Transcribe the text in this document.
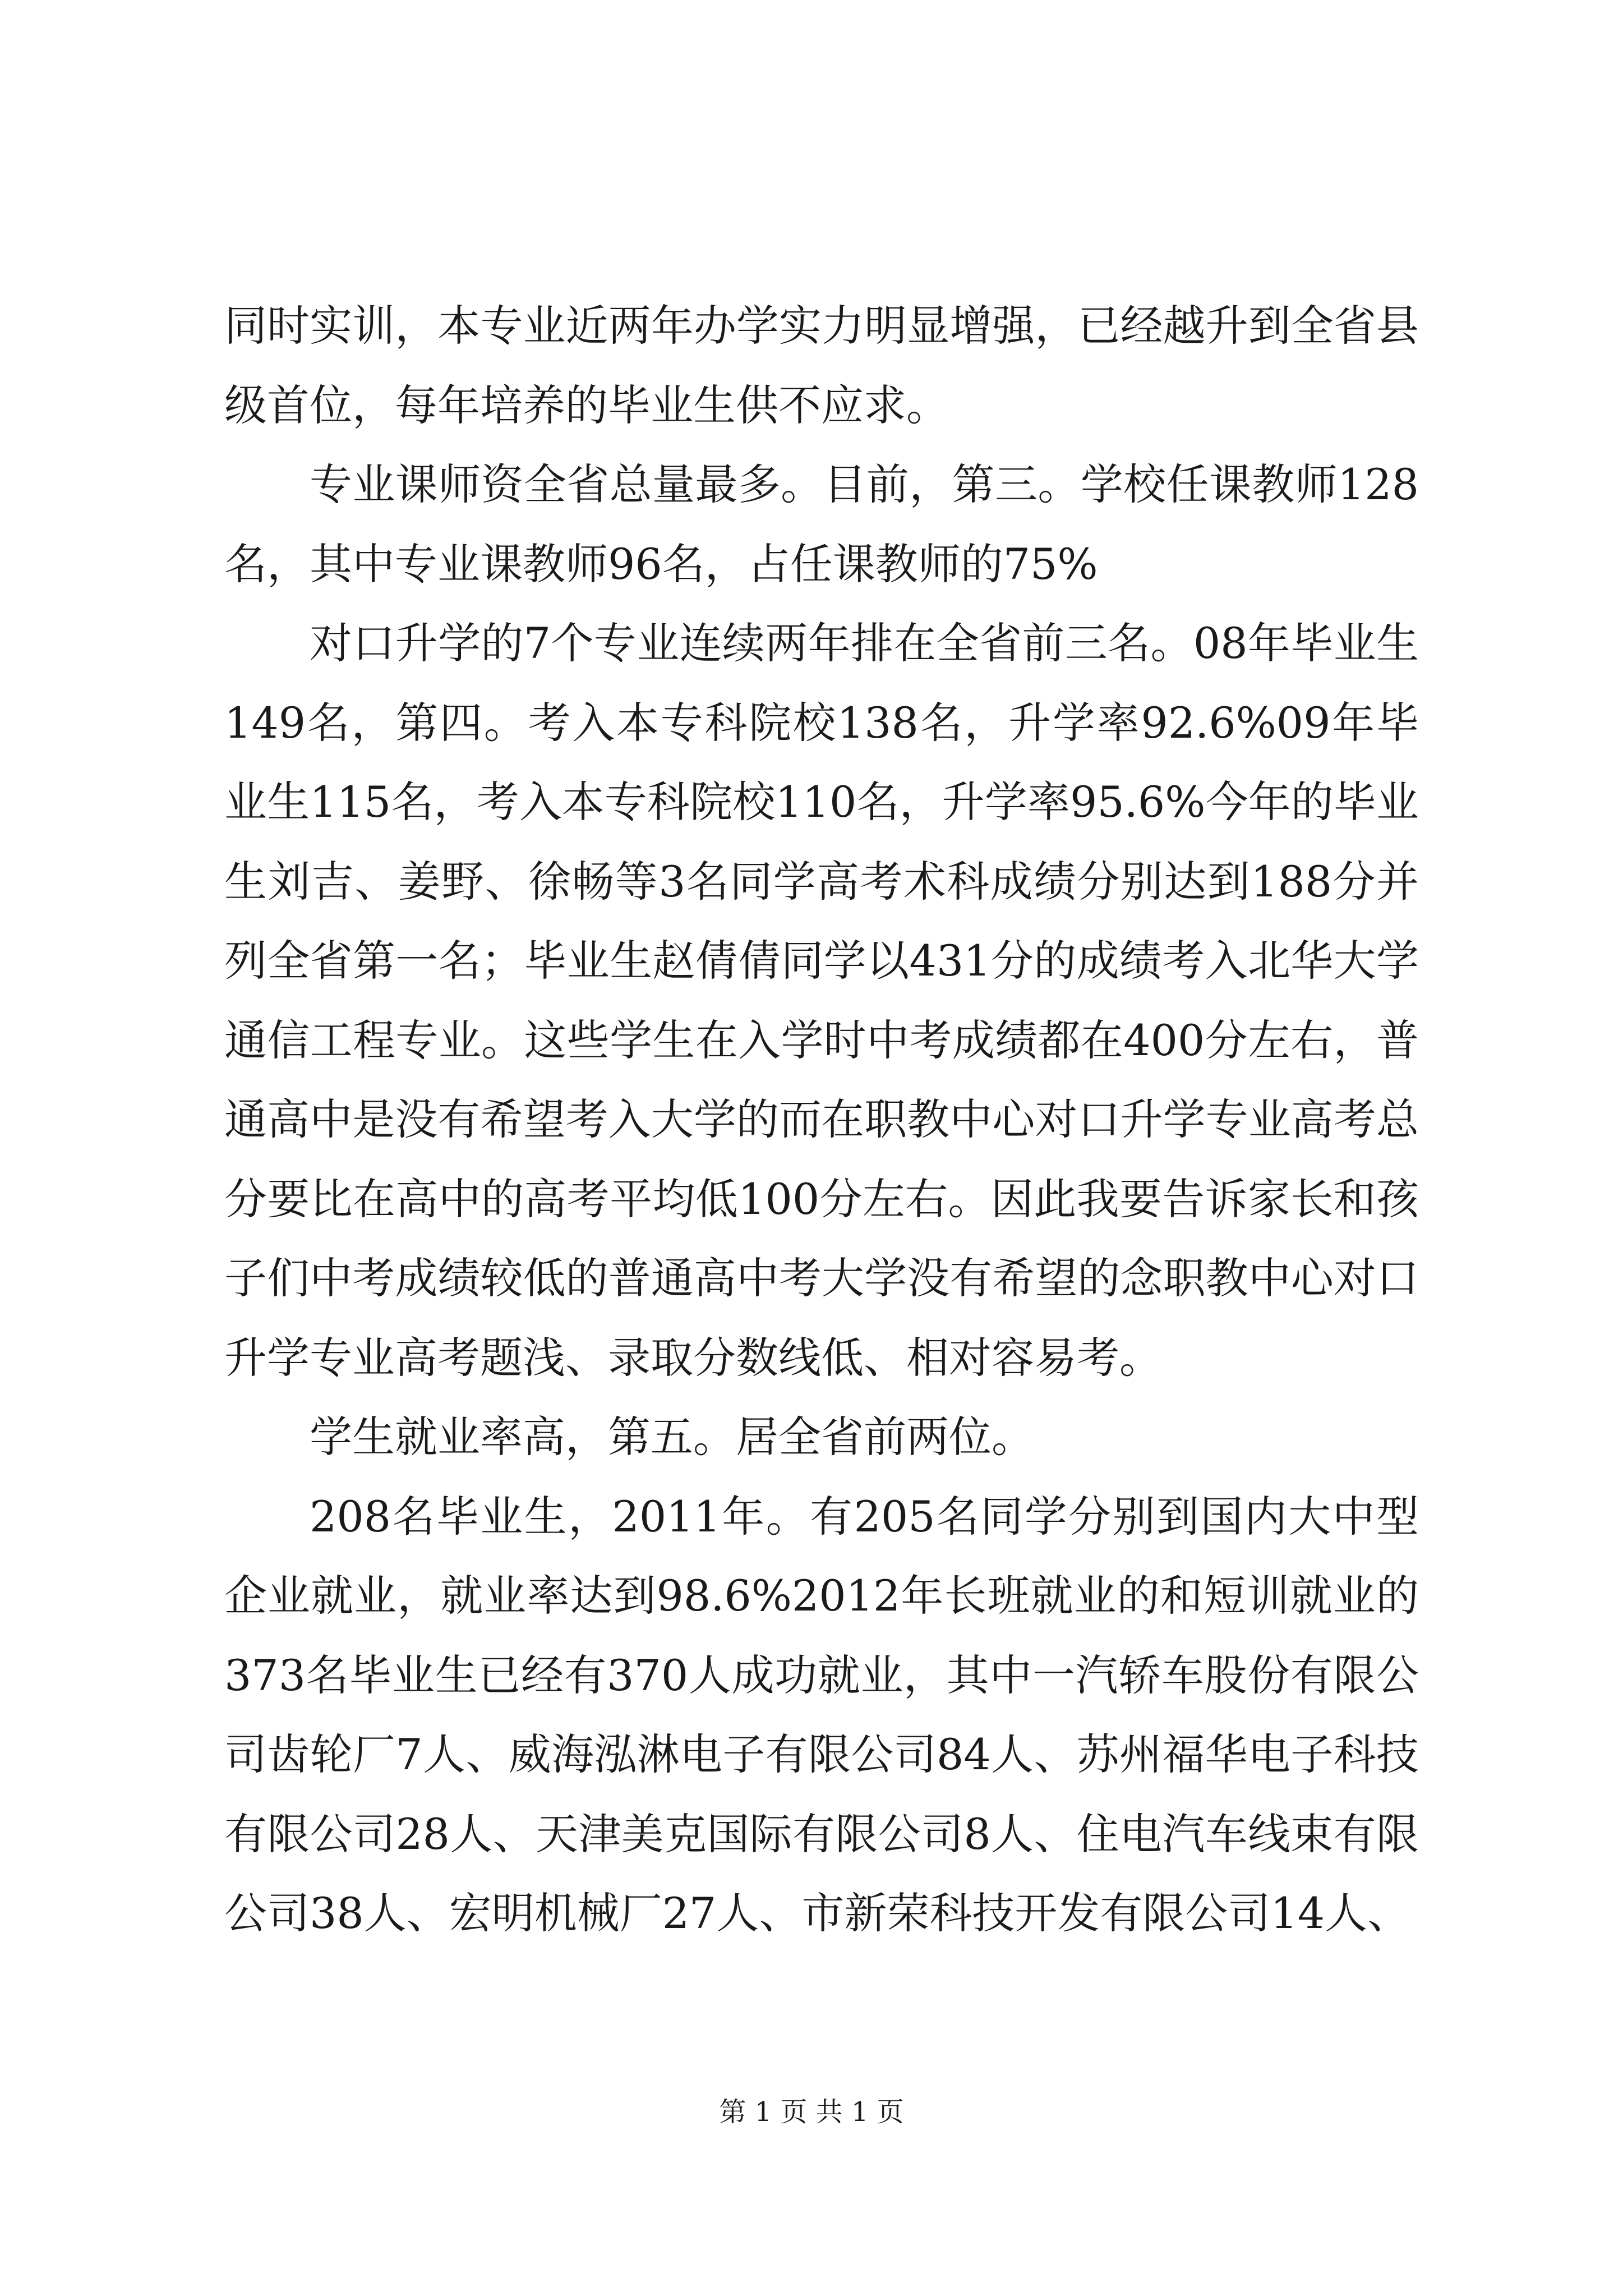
同时实训，本专业近两年办学实力明显增强，已经越升到全省县级首位，每年培养的毕业生供不应求。

专业课师资全省总量最多。目前，第三。学校任课教师128名，其中专业课教师96名，占任课教师的75%

对口升学的7个专业连续两年排在全省前三名。08年毕业生149名，第四。考入本专科院校138名，升学率92.6%09年毕业生115名，考入本专科院校110名，升学率95.6%今年的毕业生刘吉、姜野、徐畅等3名同学高考术科成绩分别达到188分并列全省第一名；毕业生赵倩倩同学以431分的成绩考入北华大学通信工程专业。这些学生在入学时中考成绩都在400分左右，普通高中是没有希望考入大学的而在职教中心对口升学专业高考总分要比在高中的高考平均低100分左右。因此我要告诉家长和孩子们中考成绩较低的普通高中考大学没有希望的念职教中心对口升学专业高考题浅、录取分数线低、相对容易考。

学生就业率高，第五。居全省前两位。

208名毕业生，2011年。有205名同学分别到国内大中型企业就业，就业率达到98.6%2012年长班就业的和短训就业的373名毕业生已经有370人成功就业，其中一汽轿车股份有限公司齿轮厂7人、威海泓淋电子有限公司84人、苏州福华电子科技有限公司28人、天津美克国际有限公司8人、住电汽车线束有限公司38人、宏明机械厂27人、市新荣科技开发有限公司14人、

第 1 页 共 1 页
